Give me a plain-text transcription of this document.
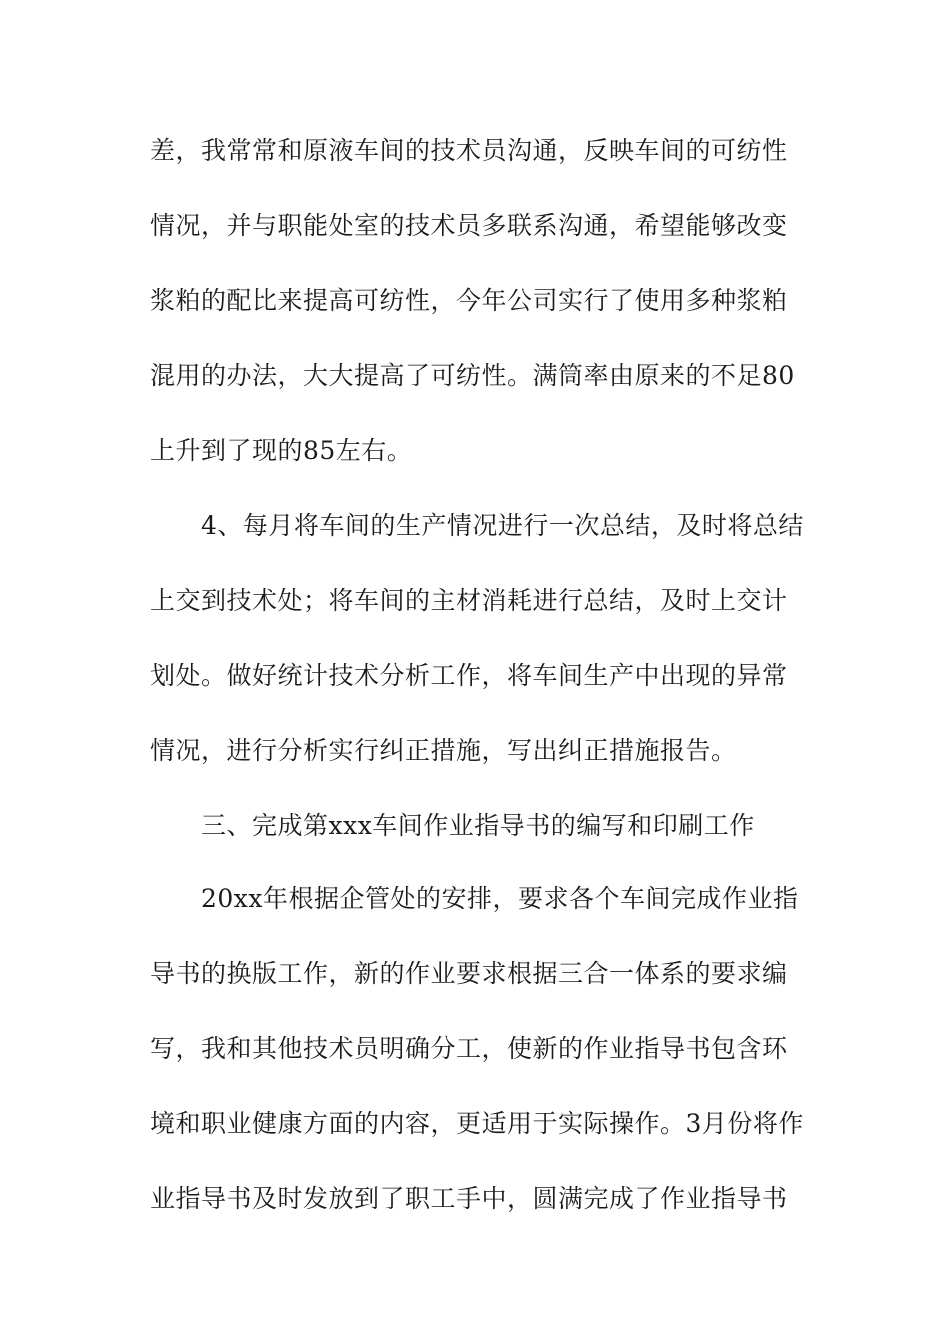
差，我常常和原液车间的技术员沟通，反映车间的可纺性
情况，并与职能处室的技术员多联系沟通，希望能够改变
浆粕的配比来提高可纺性，今年公司实行了使用多种浆粕
混用的办法，大大提高了可纺性。满筒率由原来的不足80
上升到了现的85左右。
4、每月将车间的生产情况进行一次总结，及时将总结
上交到技术处；将车间的主材消耗进行总结，及时上交计
划处。做好统计技术分析工作，将车间生产中出现的异常
情况，进行分析实行纠正措施，写出纠正措施报告。
三、完成第xxx车间作业指导书的编写和印刷工作
20xx年根据企管处的安排，要求各个车间完成作业指
导书的换版工作，新的作业要求根据三合一体系的要求编
写，我和其他技术员明确分工，使新的作业指导书包含环
境和职业健康方面的内容，更适用于实际操作。3月份将作
业指导书及时发放到了职工手中，圆满完成了作业指导书
